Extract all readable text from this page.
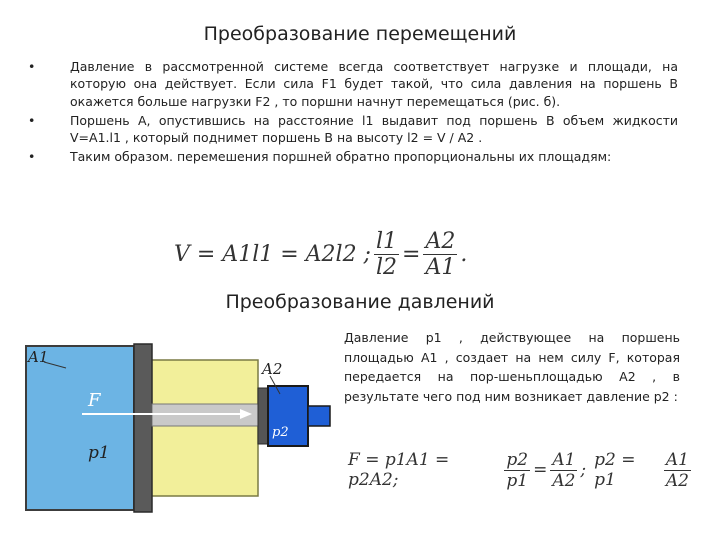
Преобразование перемещений
•	Давление в рассмотренной системе всегда соответствует нагрузке и площади, на которую она действует. Если сила F1 будет такой, что сила давления на поршень В окажется больше нагрузки F2 , то поршни начнут перемещаться (рис. б).
•	Поршень А, опустившись на расстояние l1 выдавит под поршень В объем жидкости V=A1.l1 , который поднимет поршень В на высоту l2 = V / A2 .
•	Таким образом. перемешения поршней обратно пропорциональны их площадям:
V = A1l1 = A2l2 ; $\frac{l1}{l2} = \frac{A2}{A1}$ .
Преобразование давлений
A1
A2
F
p1
p2
Давление p1 , действующее на поршень площадью A1 , создает на нем силу F, которая передается на пор-шеньплощадью A2 , в результате чего под ним возникает давление p2 :
F = p1A1 = p2A2;	$\frac{p2}{p1} = \frac{A1}{A2}$ ; p2 = p1	$\frac{A1}{A2}$
